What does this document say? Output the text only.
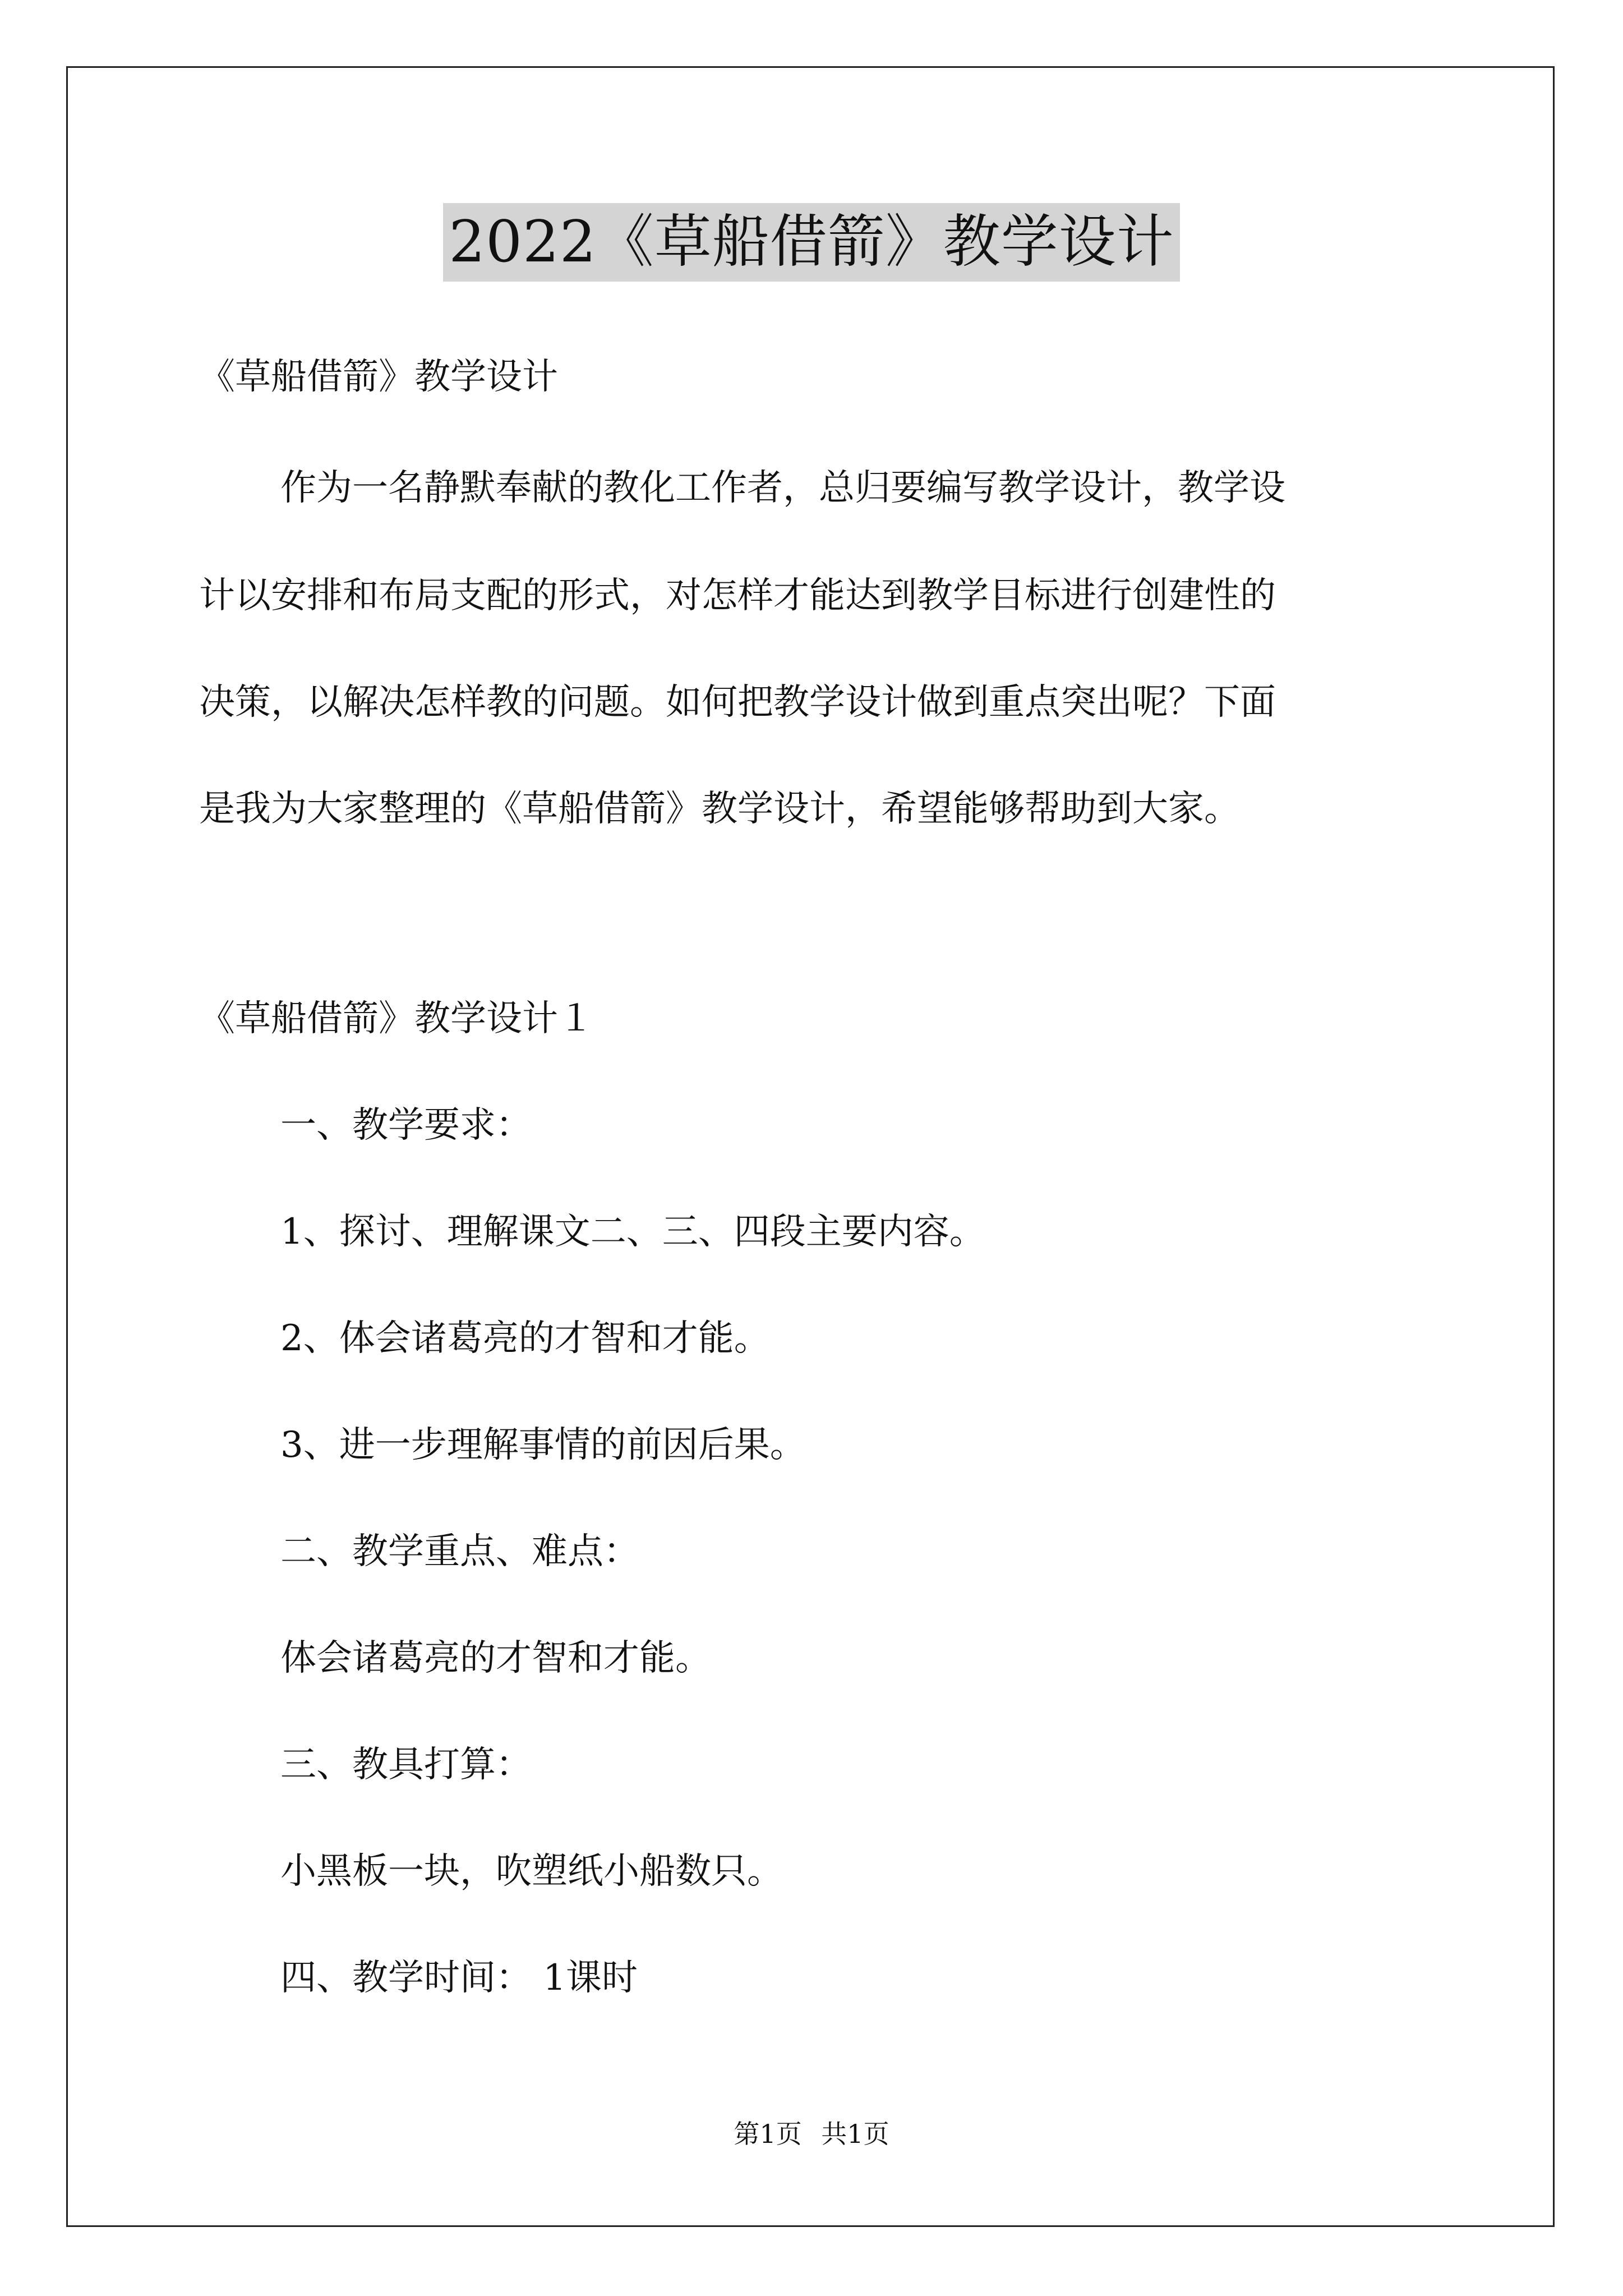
2022《草船借箭》教学设计
《草船借箭》教学设计
作为一名静默奉献的教化工作者，总归要编写教学设计，教学设
计以安排和布局支配的形式，对怎样才能达到教学目标进行创建性的
决策，以解决怎样教的问题。如何把教学设计做到重点突出呢？下面
是我为大家整理的《草船借箭》教学设计，希望能够帮助到大家。
《草船借箭》教学设计１
一、教学要求：
1、探讨、理解课文二、三、四段主要内容。
2、体会诸葛亮的才智和才能。
3、进一步理解事情的前因后果。
二、教学重点、难点：
体会诸葛亮的才智和才能。
三、教具打算：
小黑板一块，吹塑纸小船数只。
四、教学时间： 1课时
第1页 共1页
